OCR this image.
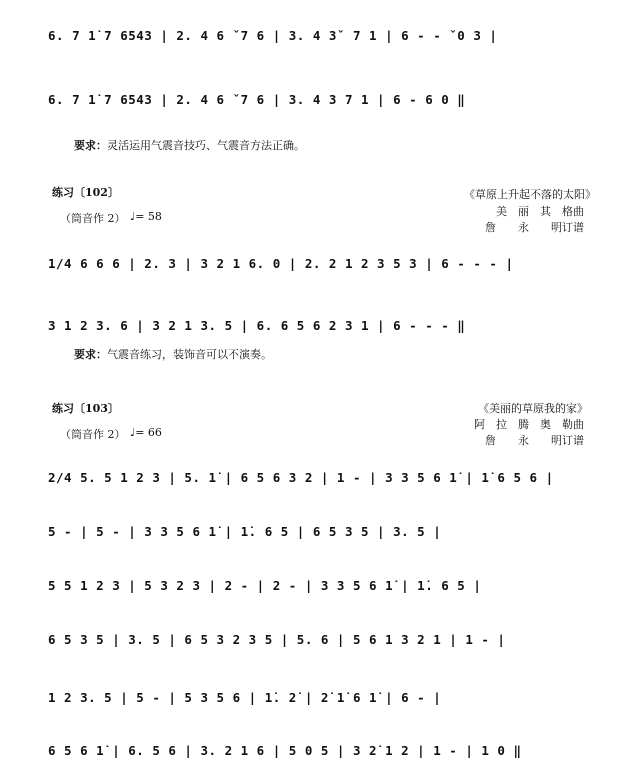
6. 7 1̇ 7 6543 | 2. 4 6 ˇ7 6 | 3. 4 3ˇ 7 1 | 6 - - ˇ0 3 |
6. 7 1̇ 7 6543 | 2. 4 6 ˇ7 6 | 3. 4 3 7 1 | 6 - 6 0 ‖
要求：灵活运用气震音技巧、气震音方法正确。
练习〔102〕
（筒音作 2） ♩= 58
《草原上升起不落的太阳》
美　丽　其　格曲
詹　　永　　明订谱
1/4 6 6 6 | 2. 3 | 3 2 1 6. 0 | 2. 2 1 2 3 5 3 | 6 - - - |
3 1 2 3. 6 | 3 2 1 3. 5 | 6. 6 5 6 2 3 1 | 6 - - - ‖
要求：气震音练习，装饰音可以不演奏。
练习〔103〕
（筒音作 2） ♩= 66
《美丽的草原我的家》
阿　拉　腾　奥　勒曲
詹　　永　　明订谱
2/4 5. 5 1 2 3 | 5. 1̇ | 6 5 6 3 2 | 1 - | 3 3 5 6 1̇ | 1̇ 6 5 6 |
5 - | 5 - | 3 3 5 6 1̇ | 1̇. 6 5 | 6 5 3 5 | 3. 5 |
5 5 1 2 3 | 5 3 2 3 | 2 - | 2 - | 3 3 5 6 1̇ | 1̇. 6 5 |
6 5 3 5 | 3. 5 | 6 5 3 2 3 5 | 5. 6 | 5 6 1 3 2 1 | 1 - |
1 2 3. 5 | 5 - | 5 3 5 6 | 1̇. 2̇ | 2̇ 1̇ 6 1̇ | 6 - |
6 5 6 1̇ | 6. 5 6 | 3. 2 1 6 | 5 0 5 | 3 2̇ 1 2 | 1 - | 1 0 ‖
